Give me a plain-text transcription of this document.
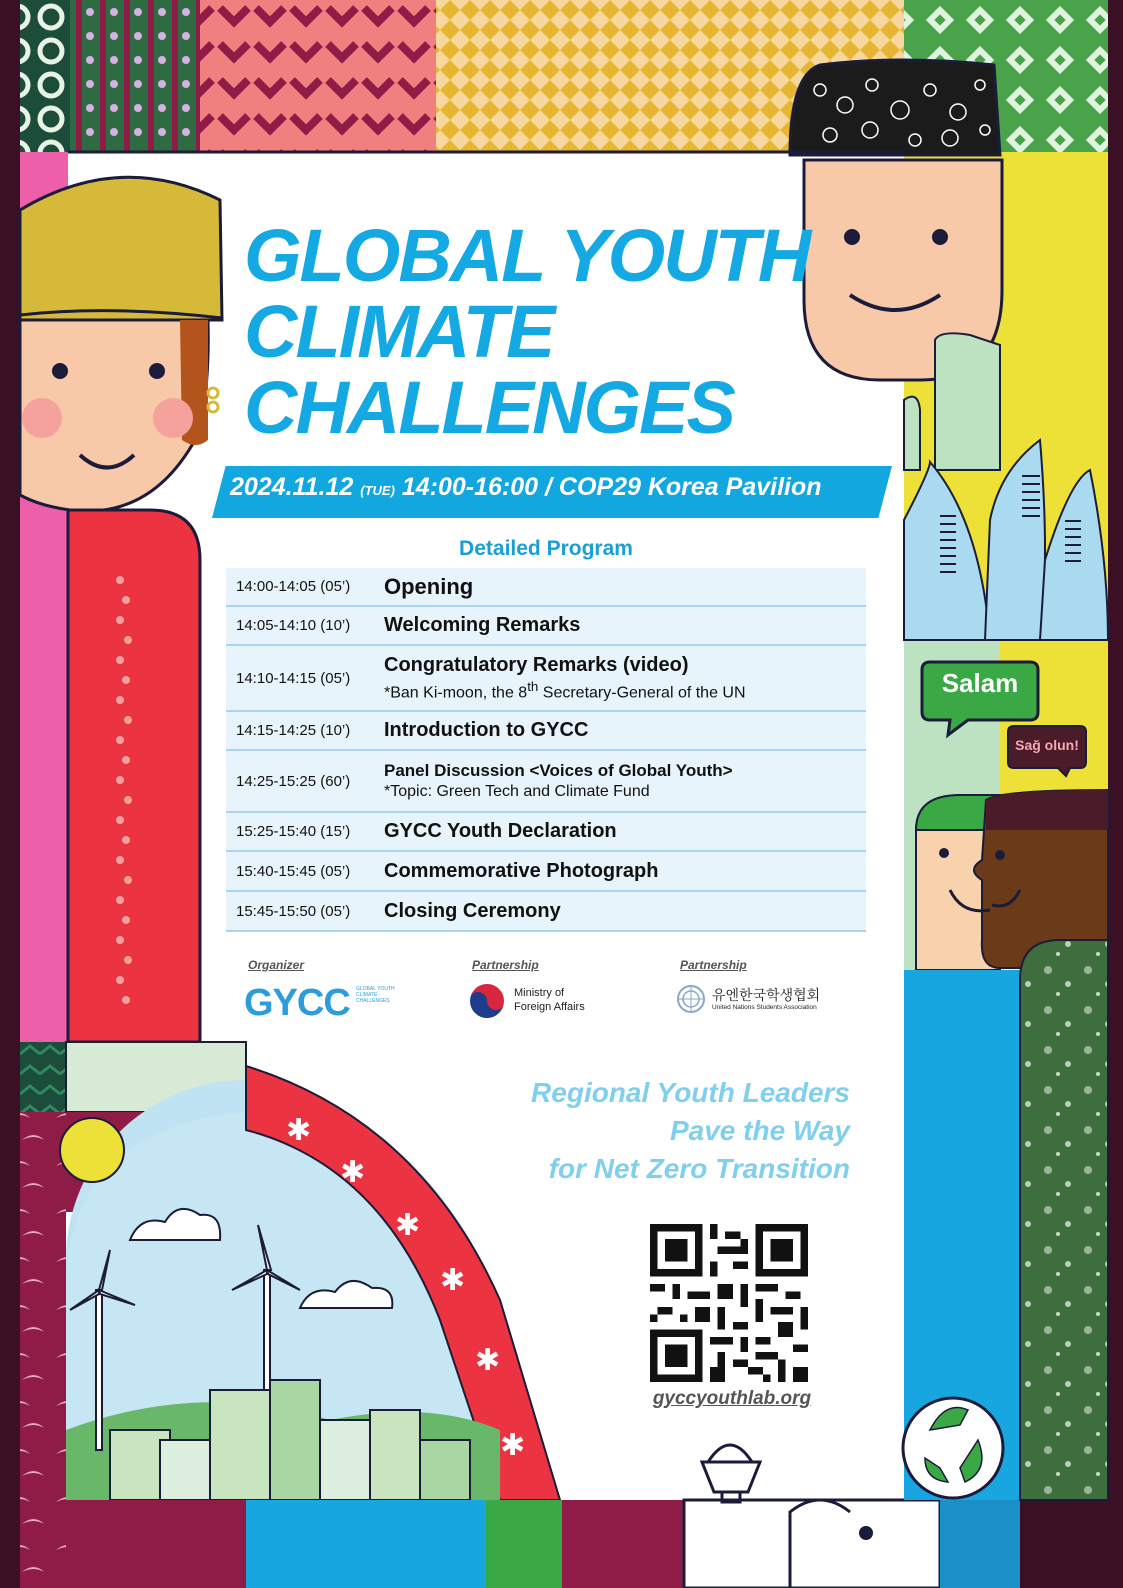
✱
✱
✱
✱
✱
✱
GLOBAL YOUTH
CLIMATE
CHALLENGES
2024.11.12 (TUE) 14:00-16:00 / COP29 Korea Pavilion
Detailed Program
14:00-14:05 (05’)	Opening
14:05-14:10 (10’)	Welcoming Remarks
14:10-14:15 (05’)	Congratulatory Remarks (video)
*Ban Ki-moon, the 8th Secretary-General of the UN

14:15-14:25 (10’)	Introduction to GYCC
14:25-15:25 (60’)	Panel Discussion <Voices of Global Youth>
*Topic: Green Tech and Climate Fund

15:25-15:40 (15’)	GYCC Youth Declaration
15:40-15:45 (05’)	Commemorative Photograph
15:45-15:50 (05’)	Closing Ceremony
Organizer	Partnership	Partnership
GYCC GLOBAL YOUTH CLIMATE CHALLENGES
Ministry of
Foreign Affairs
유엔한국학생협회
United Nations Students Association
Regional Youth Leaders
Pave the Way
for Net Zero Transition
gyccyouthlab.org
Salam
Sağ olun!
